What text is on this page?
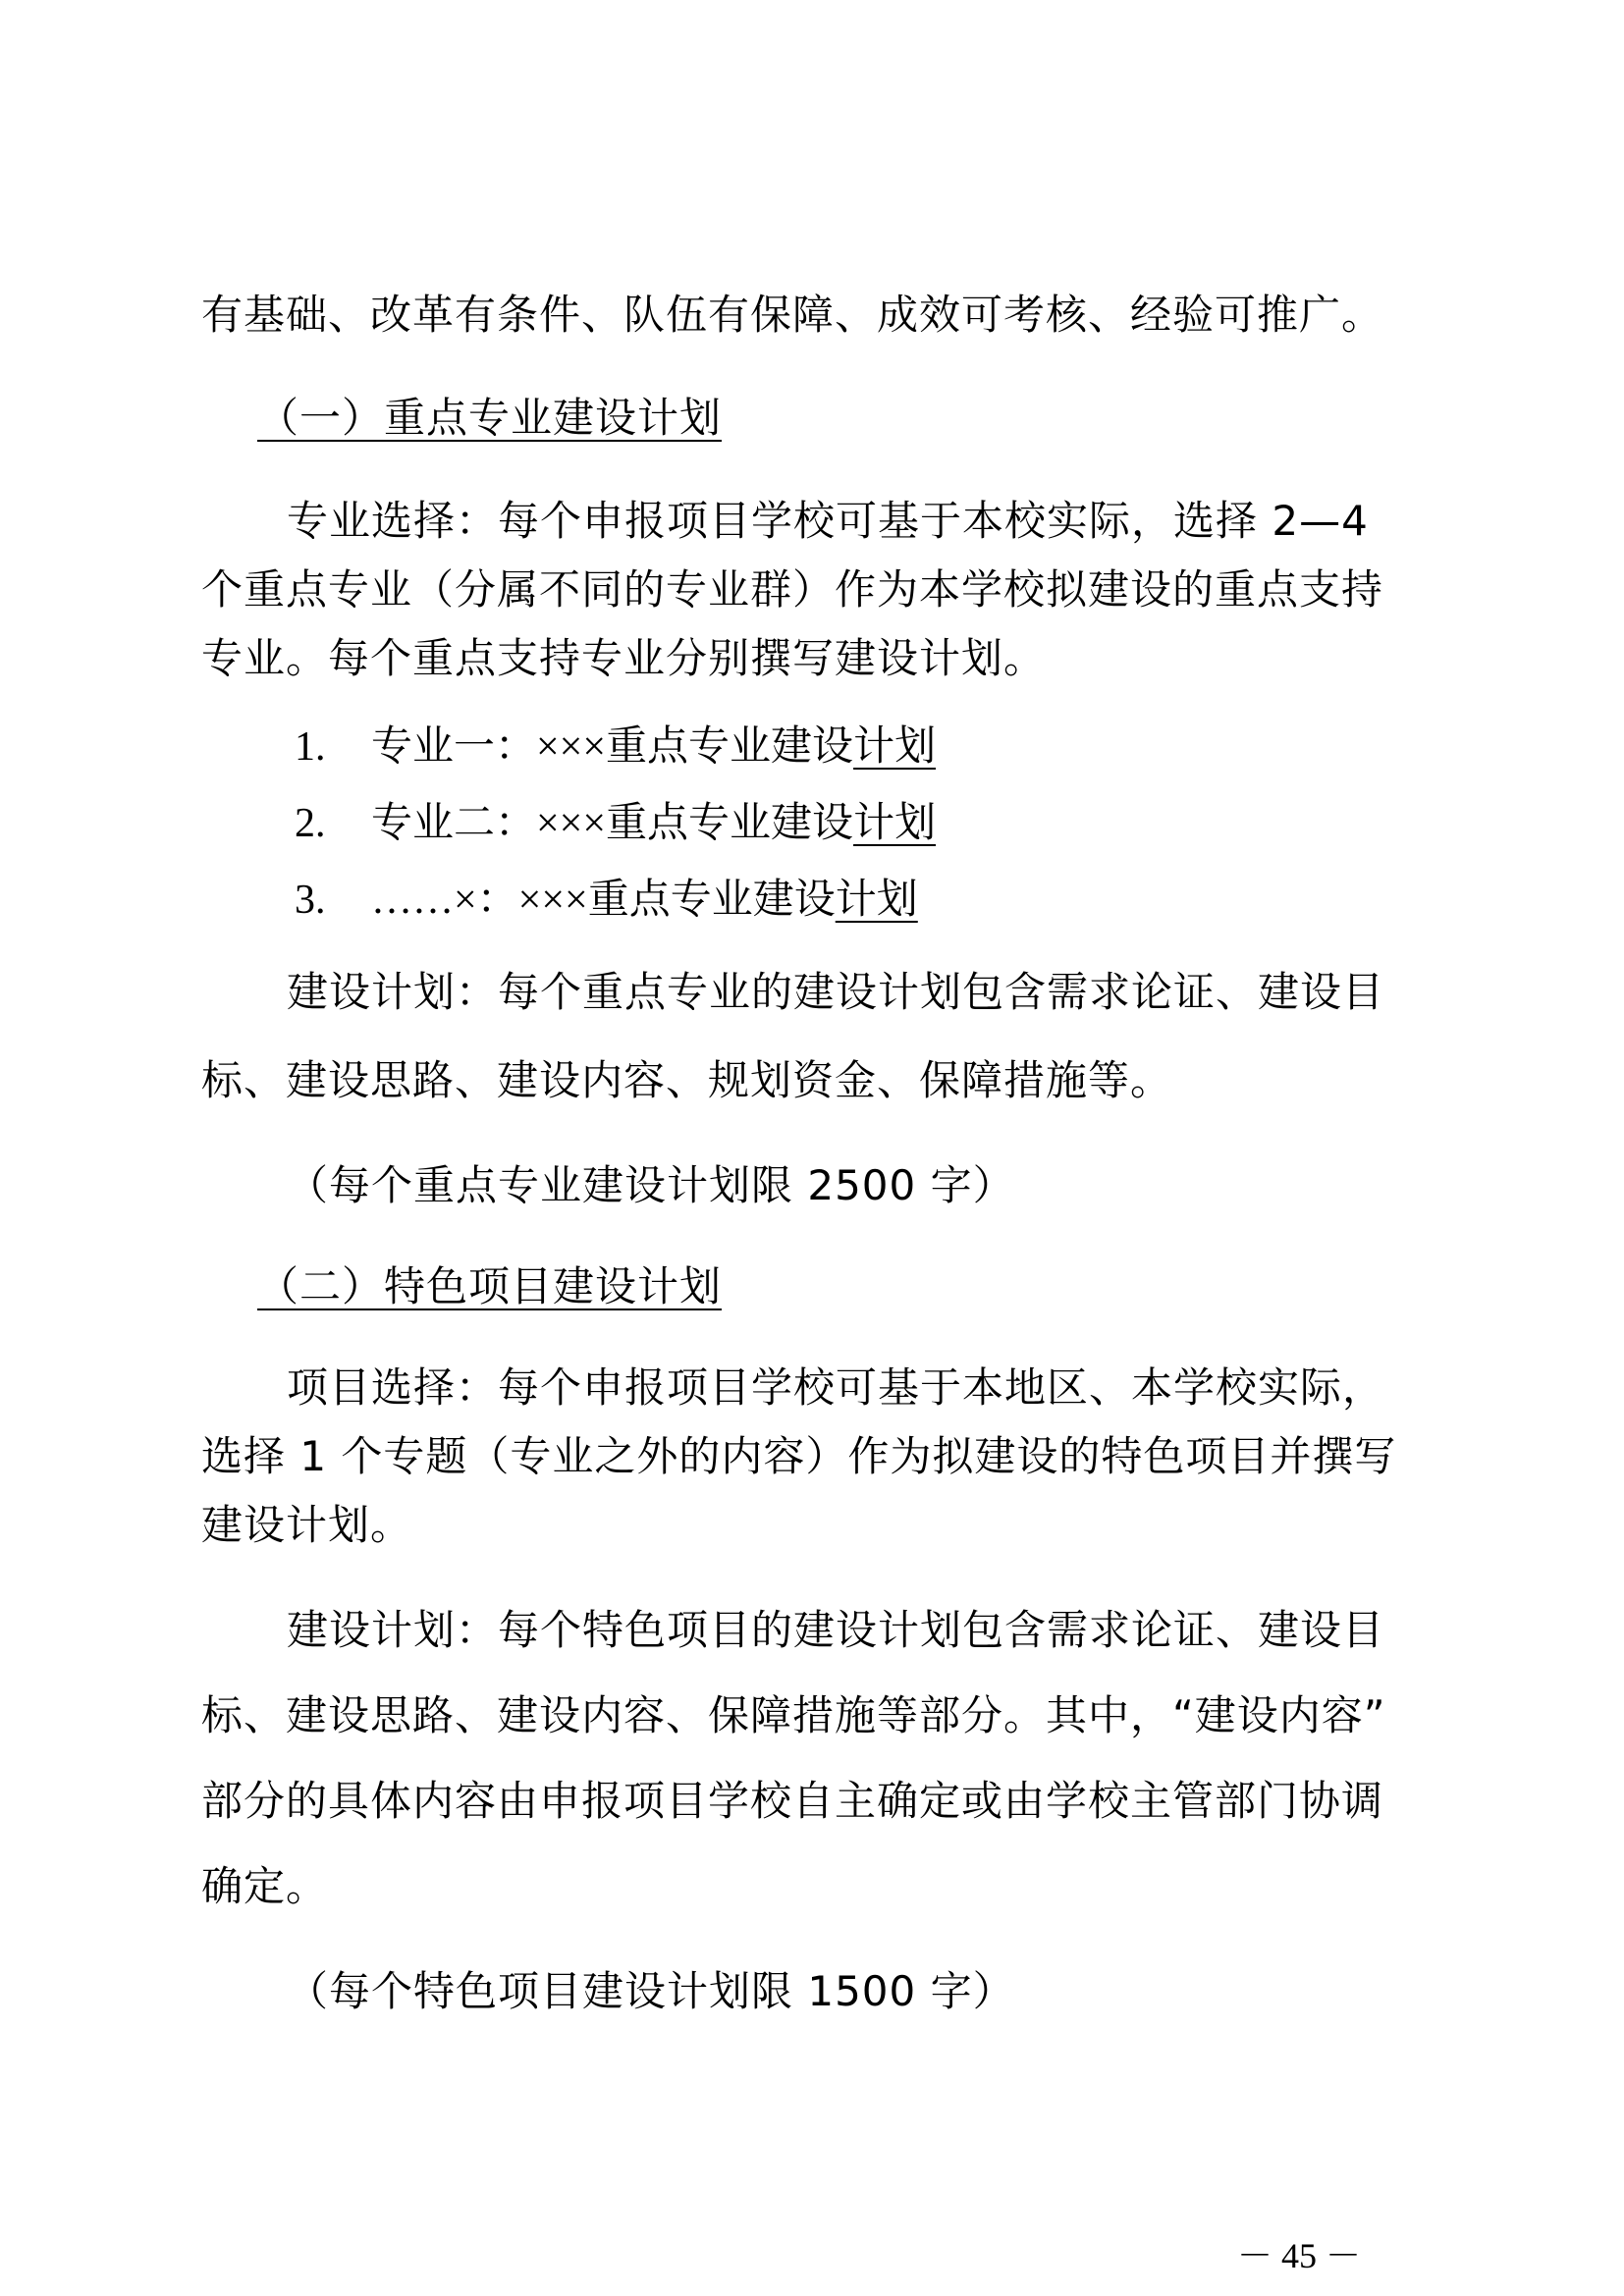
有基础、改革有条件、队伍有保障、成效可考核、经验可推广。
（一）重点专业建设计划
专业选择：每个申报项目学校可基于本校实际，选择 2—4
个重点专业（分属不同的专业群）作为本学校拟建设的重点支持
专业。每个重点支持专业分别撰写建设计划。
1. 专业一：×××重点专业建设计划
2. 专业二：×××重点专业建设计划
3. ……×：×××重点专业建设计划
建设计划：每个重点专业的建设计划包含需求论证、建设目
标、建设思路、建设内容、规划资金、保障措施等。
（每个重点专业建设计划限 2500 字）
（二）特色项目建设计划
项目选择：每个申报项目学校可基于本地区、本学校实际，
选择 1 个专题（专业之外的内容）作为拟建设的特色项目并撰写
建设计划。
建设计划：每个特色项目的建设计划包含需求论证、建设目
标、建设思路、建设内容、保障措施等部分。其中，“建设内容”
部分的具体内容由申报项目学校自主确定或由学校主管部门协调
确定。
（每个特色项目建设计划限 1500 字）
－ 45 －
